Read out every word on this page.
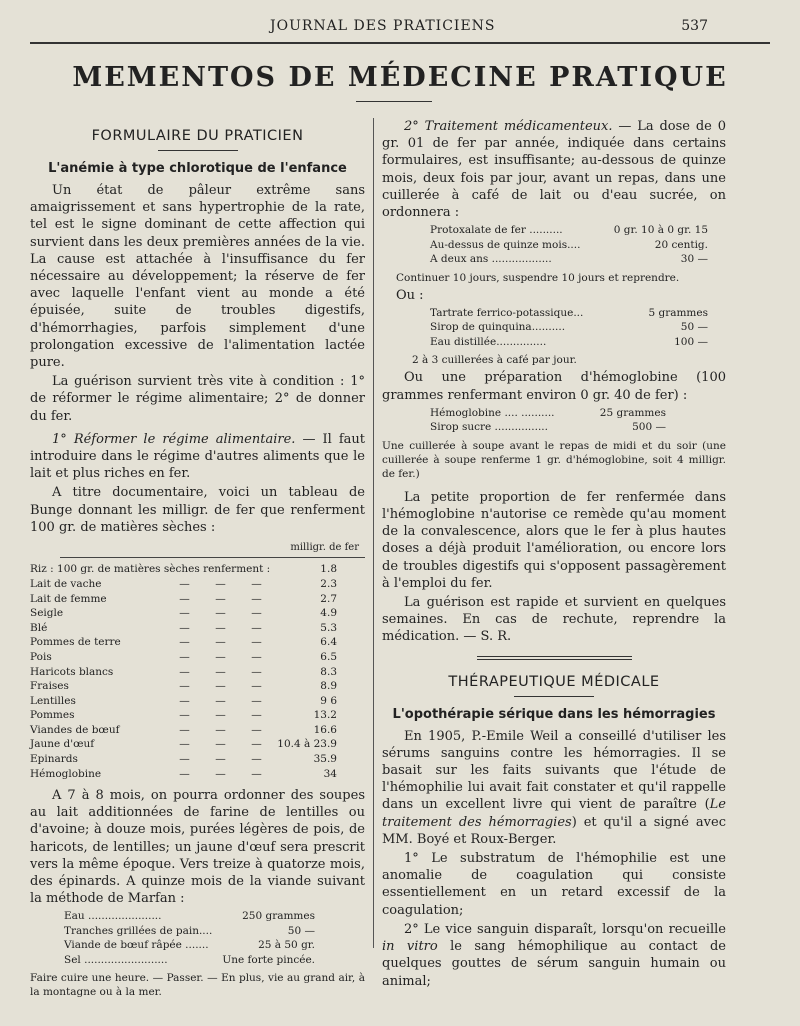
JOURNAL DES PRATICIENS	537
MEMENTOS DE MÉDECINE PRATIQUE
FORMULAIRE DU PRATICIEN
L'anémie à type chlorotique de l'enfance

Un état de pâleur extrême sans amaigrissement et sans hypertrophie de la rate, tel est le signe dominant de cette affection qui survient dans les deux premières années de la vie. La cause est attachée à l'insuffisance du fer nécessaire au développement; la réserve de fer avec laquelle l'enfant vient au monde a été épuisée, suite de troubles digestifs, d'hémorrhagies, parfois simplement d'une prolongation excessive de l'alimentation lactée pure.

La guérison survient très vite à condition : 1° de réformer le régime alimentaire; 2° de donner du fer.

1° Réformer le régime alimentaire. — Il faut introduire dans le régime d'autres aliments que le lait et plus riches en fer.

A titre documentaire, voici un tableau de Bunge donnant les milligr. de fer que renferment 100 gr. de matières sèches :

milligr. de fer
Riz : 100 gr. de matières sèches renferment :				1.8
Lait de vache	—	—	—	2.3
Lait de femme	—	—	—	2.7
Seigle	—	—	—	4.9
Blé	—	—	—	5.3
Pommes de terre	—	—	—	6.4
Pois	—	—	—	6.5
Haricots blancs	—	—	—	8.3
Fraises	—	—	—	8.9
Lentilles	—	—	—	9 6
Pommes	—	—	—	13.2
Viandes de bœuf	—	—	—	16.6
Jaune d'œuf	—	—	—	10.4 à 23.9
Epinards	—	—	—	35.9
Hémoglobine	—	—	—	34

A 7 à 8 mois, on pourra ordonner des soupes au lait additionnées de farine de lentilles ou d'avoine; à douze mois, purées légères de pois, de haricots, de lentilles; un jaune d'œuf sera prescrit vers la même époque. Vers treize à quatorze mois, des épinards. A quinze mois de la viande suivant la méthode de Marfan :

Eau ......................	250 grammes
Tranches grillées de pain....	50 —
Viande de bœuf râpée .......	25 à 50 gr.
Sel .........................	Une forte pincée.

Faire cuire une heure. — Passer. — En plus, vie au grand air, à la montagne ou à la mer.

2° Traitement médicamenteux. — La dose de 0 gr. 01 de fer par année, indiquée dans certains formulaires, est insuffisante; au-dessous de quinze mois, deux fois par jour, avant un repas, dans une cuillerée à café de lait ou d'eau sucrée, on ordonnera :

Protoxalate de fer ..........	0 gr. 10 à 0 gr. 15
Au-dessus de quinze mois....	20 centig.
A deux ans ..................	30 —

Continuer 10 jours, suspendre 10 jours et reprendre.

Ou :

Tartrate ferrico-potassique...	5 grammes
Sirop de quinquina..........	50 —
Eau distillée...............	100 —

2 à 3 cuillerées à café par jour.

Ou une préparation d'hémoglobine (100 grammes renfermant environ 0 gr. 40 de fer) :

Hémoglobine .... ..........	25 grammes
Sirop sucre ................	500 —

Une cuillerée à soupe avant le repas de midi et du soir (une cuillerée à soupe renferme 1 gr. d'hémoglobine, soit 4 milligr. de fer.)

La petite proportion de fer renfermée dans l'hémoglobine n'autorise ce remède qu'au moment de la convalescence, alors que le fer à plus hautes doses a déjà produit l'amélioration, ou encore lors de troubles digestifs qui s'opposent passagèrement à l'emploi du fer.

La guérison est rapide et survient en quelques semaines. En cas de rechute, reprendre la médication. — S. R.

THÉRAPEUTIQUE MÉDICALE
L'opothérapie sérique dans les hémorragies

En 1905, P.-Emile Weil a conseillé d'utiliser les sérums sanguins contre les hémorragies. Il se basait sur les faits suivants que l'étude de l'hémophilie lui avait fait constater et qu'il rappelle dans un excellent livre qui vient de paraître (Le traitement des hémorragies) et qu'il a signé avec MM. Boyé et Roux-Berger.

1° Le substratum de l'hémophilie est une anomalie de coagulation qui consiste essentiellement en un retard excessif de la coagulation;

2° Le vice sanguin disparaît, lorsqu'on recueille in vitro le sang hémophilique au contact de quelques gouttes de sérum sanguin humain ou animal;
